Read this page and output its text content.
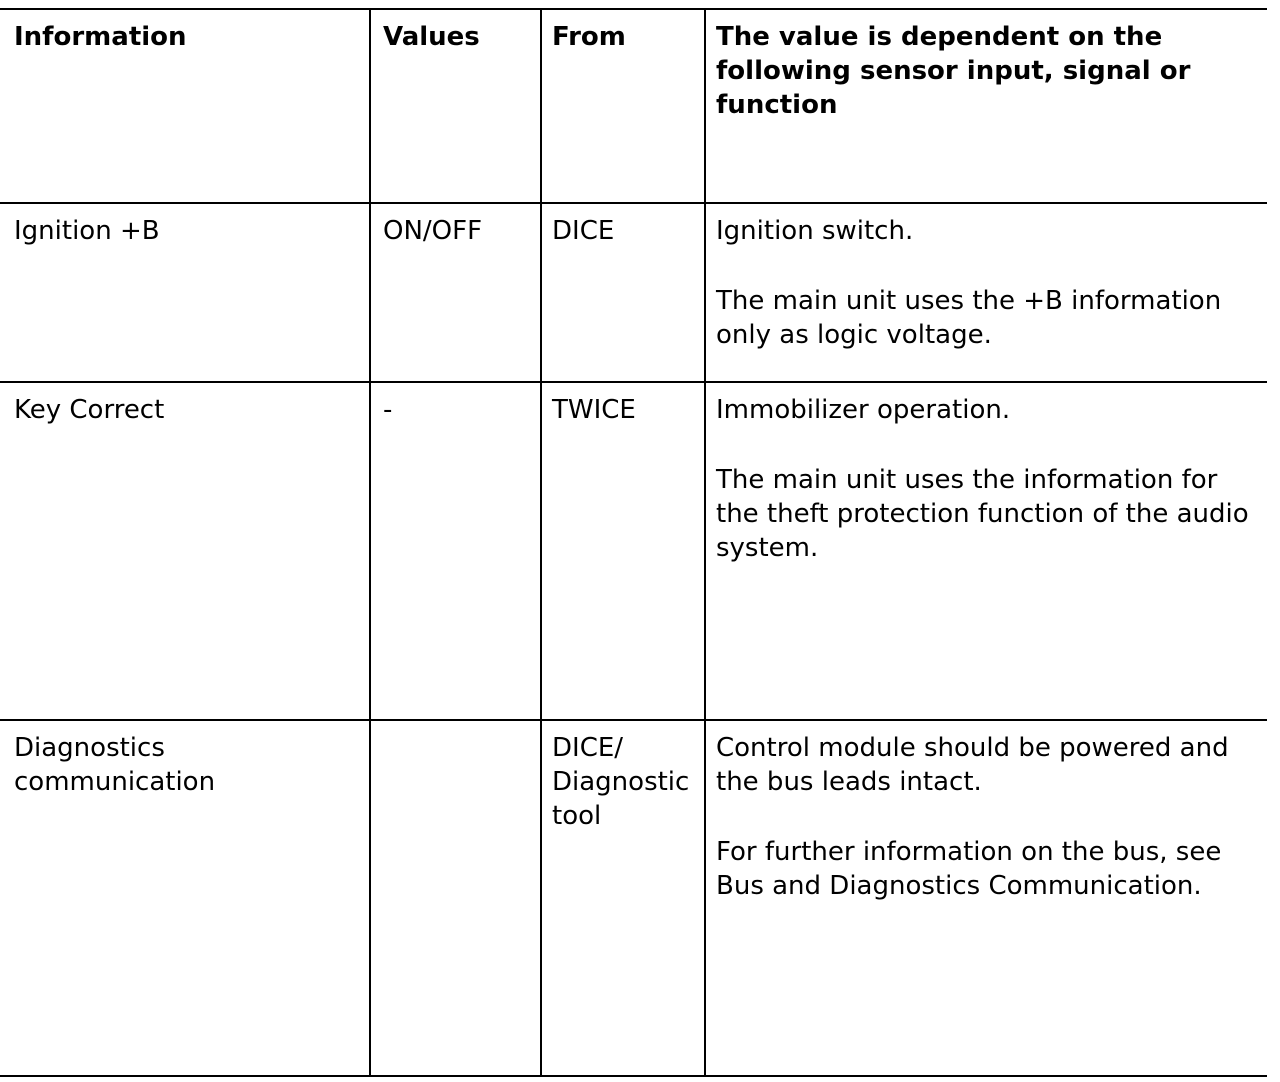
Information	Values	From	The value is dependent on the following sensor input, signal or function
Ignition +B	ON/OFF	DICE	Ignition switch.

The main unit uses the +B information only as logic voltage.

Key Correct	-	TWICE	Immobilizer operation.

The main unit uses the information for the theft protection function of the audio system.

Diagnostics communication		DICE/ Diagnostic tool	Control module should be powered and the bus leads intact.

For further information on the bus, see Bus and Diagnostics Communication.
